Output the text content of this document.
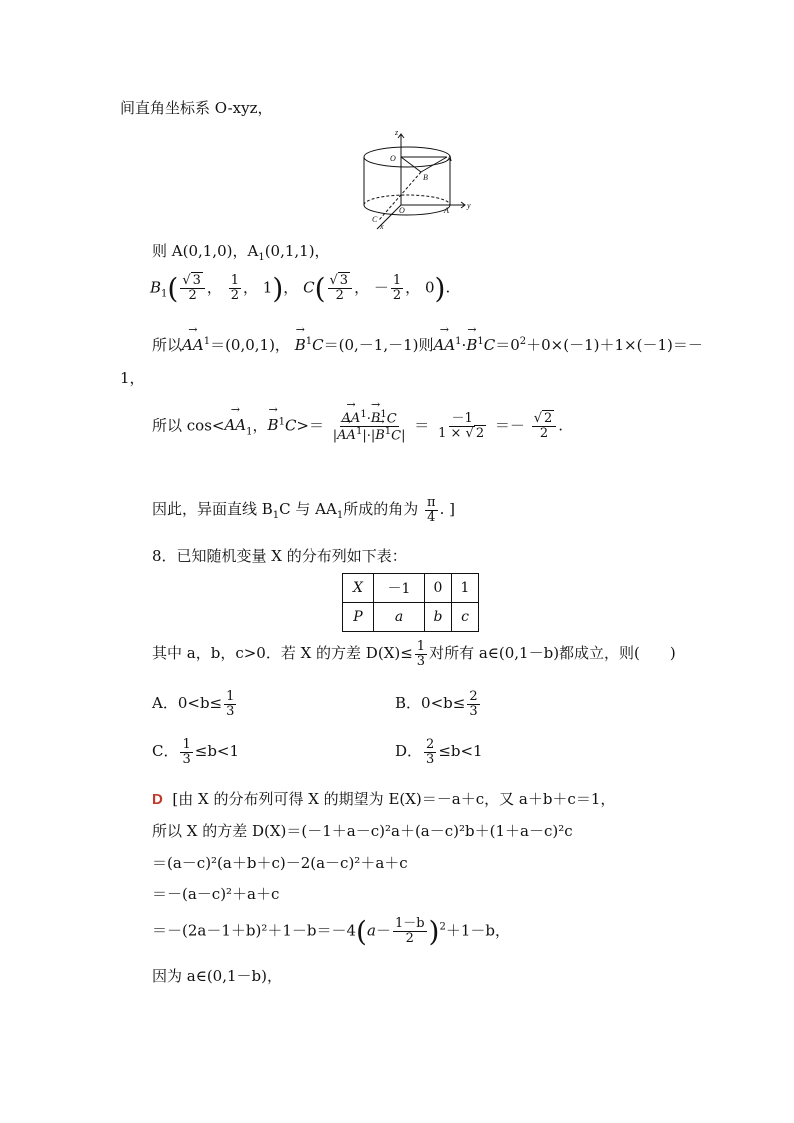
间直角坐标系 O-xyz，
z
y
x
O	A
B
O	A
C
则 A(0,1,0)，$A_1(0,1,1)$，
$B_1( \frac{√ 3}{2}$ ， $\frac{1}{2}$ ， 1)， $C( \frac{√ 3}{2}$ ， － $\frac{1}{2}$ ， 0).
所以→ $AA^1=(0,0,1)$， → $B^1C=(0,-1,-1)$则→ $AA^1\cdot\to B^1C=0^2+0\times(-1)+1\times(-1)=-$
1，
所以 $\cos<\to AA_1$，→ $B^1C>= \to \frac{AA^1\cdot\to B^1C}{|\to AA^1|\cdot|\to B^1C|} = \frac{-1}{1 \times √ 2} =- \frac{√ 2}{2}$ .
因此，异面直线 $B_1C$ 与 $AA_1$所成的角为 $\frac{\pi}{4}$ . ]
8．已知随机变量 X 的分布列如下表：
X	－1	0	1
P	a	b	c
其中 a，b，c>0．若 X 的方差 $D(X)\le \frac{1}{3}$ 对所有 a∈(0,1－b)都成立，则(　　)
A．$0<b\le \frac{1}{3}$	B．$0<b\le \frac{2}{3}$
C． $\frac{1}{3} \le b<1$	D． $\frac{2}{3} \le b<1$
D [由 X 的分布列可得 X 的期望为 E(X)＝－a＋c，又 a＋b＋c＝1，
所以 X 的方差 D(X)＝(－1＋a－c)²a＋(a－c)²b＋(1＋a－c)²c
＝(a－c)²(a＋b＋c)－2(a－c)²＋a＋c
＝－(a－c)²＋a＋c
$=-(2a-1+b)^2+1-b=-4(a- \frac{1-b}{2} )^2+1-b$，
因为 a∈(0,1－b)，
